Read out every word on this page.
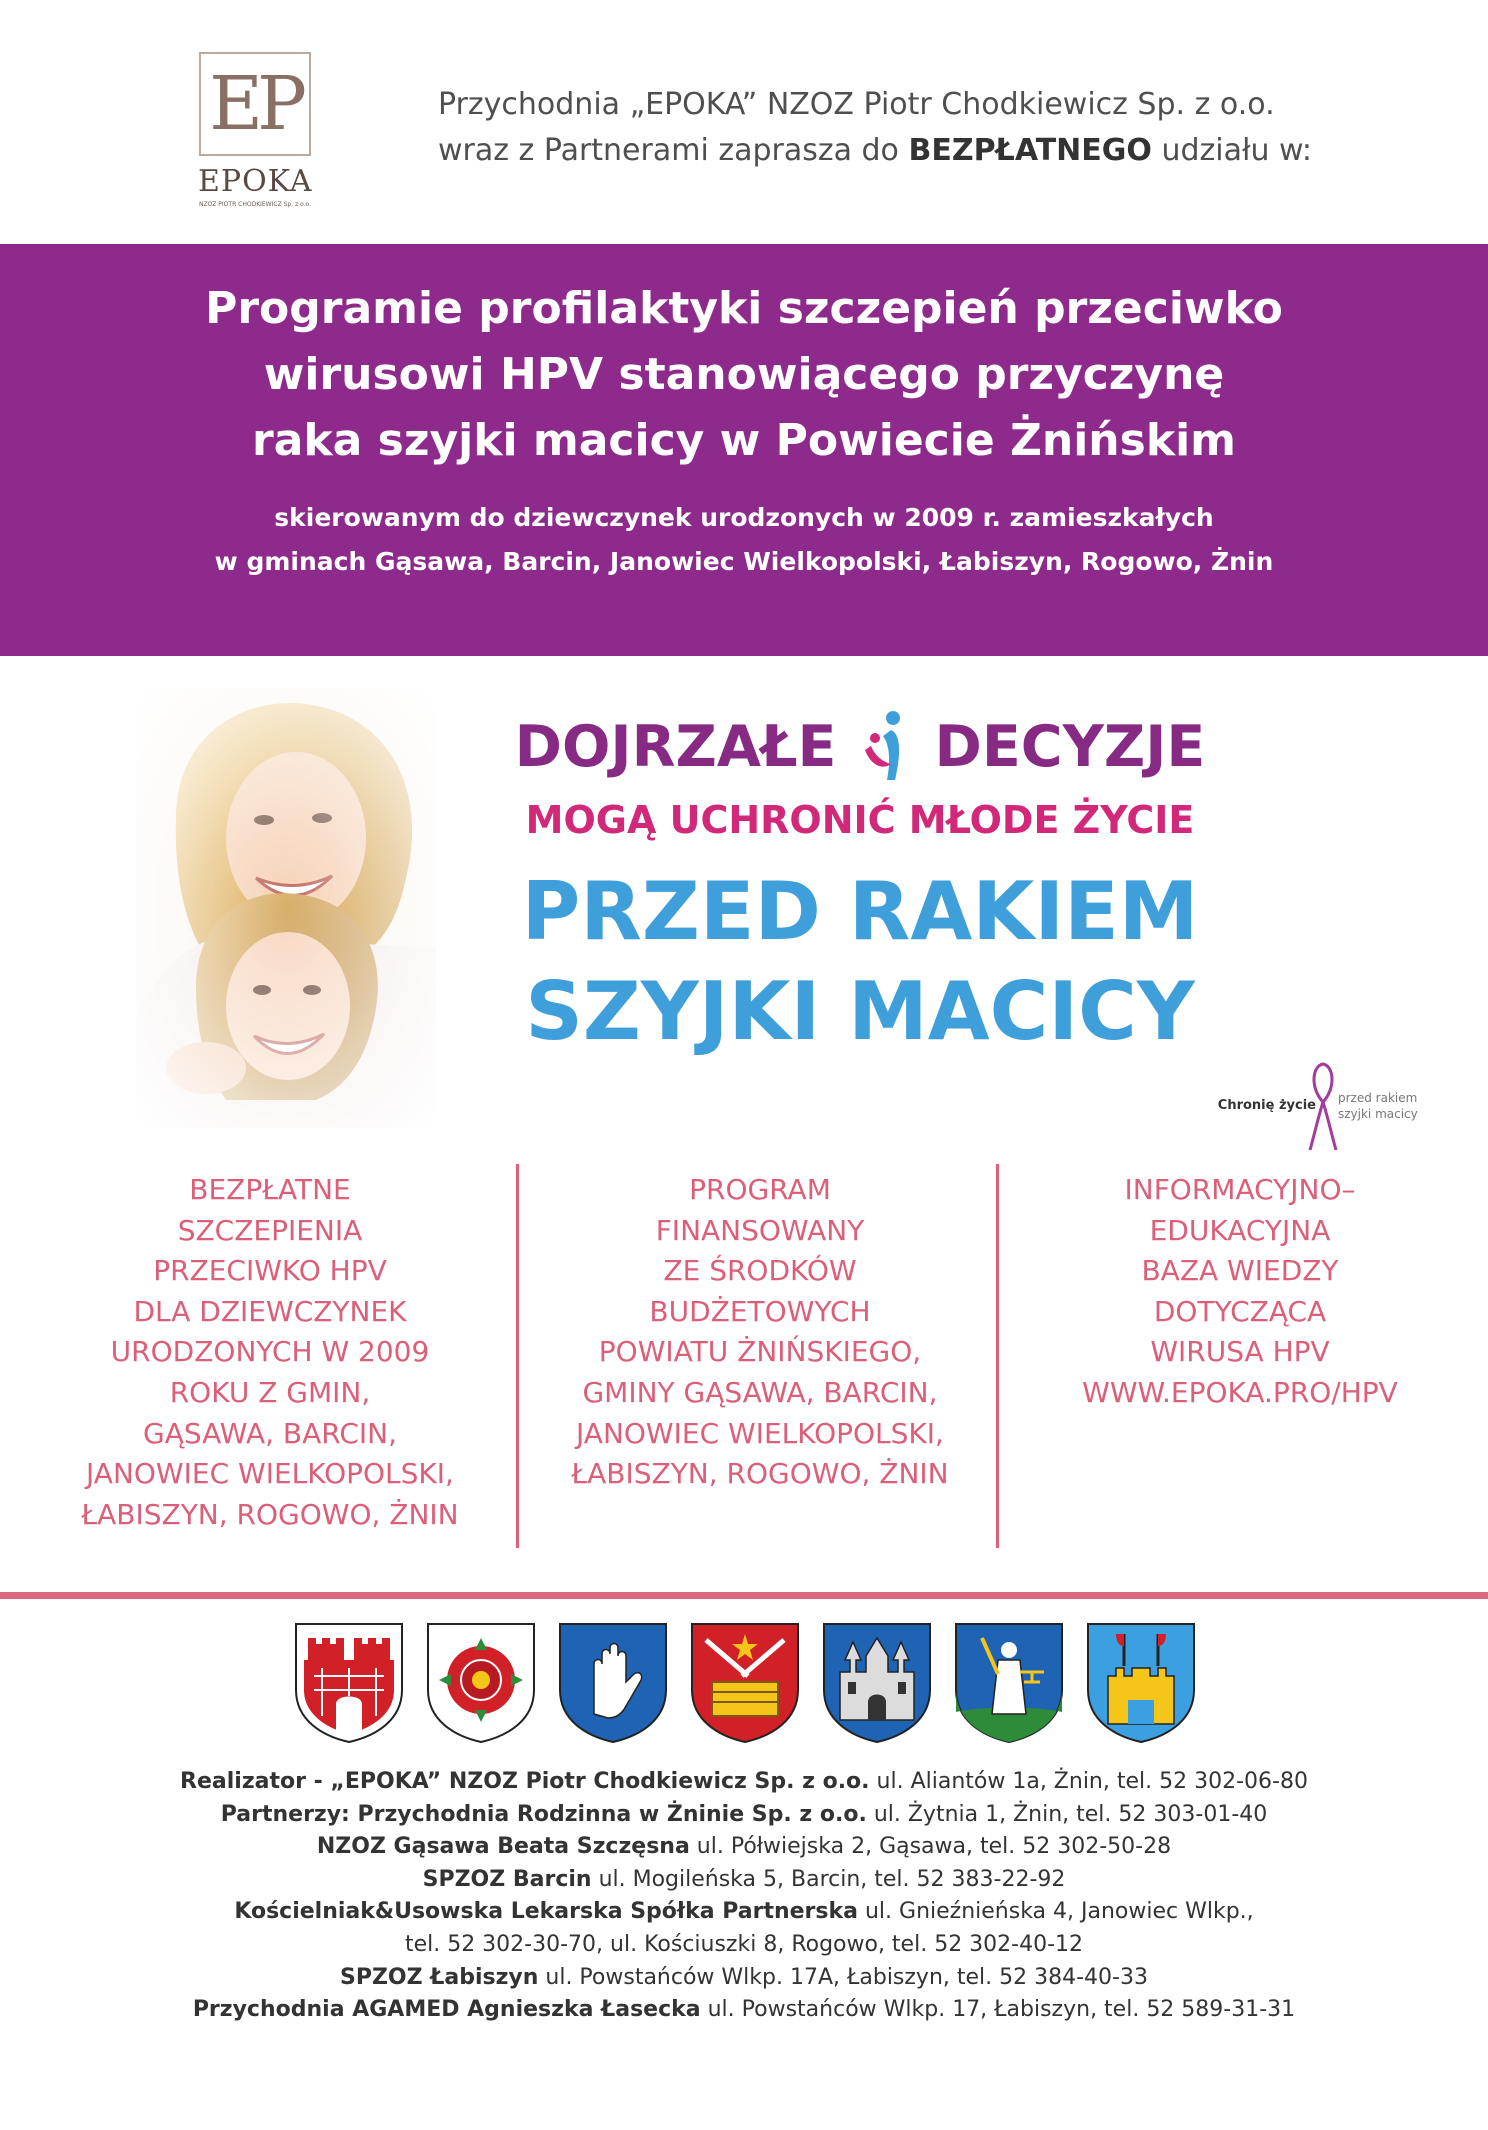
EP
EPOKA
NZOZ PIOTR CHODKIEWICZ Sp. z o.o.
Przychodnia „EPOKA” NZOZ Piotr Chodkiewicz Sp. z o.o.
wraz z Partnerami zaprasza do BEZPŁATNEGO udziału w:
Programie profilaktyki szczepień przeciwko
wirusowi HPV stanowiącego przyczynę
raka szyjki macicy w Powiecie Żnińskim
skierowanym do dziewczynek urodzonych w 2009 r. zamieszkałych
w gminach Gąsawa, Barcin, Janowiec Wielkopolski, Łabiszyn, Rogowo, Żnin
DOJRZAŁE DECYZJE
MOGĄ UCHRONIĆ MŁODE ŻYCIE
PRZED RAKIEM
SZYJKI MACICY
Chronię życie przed rakiem
szyjki macicy
BEZPŁATNE
SZCZEPIENIA
PRZECIWKO HPV
DLA DZIEWCZYNEK
URODZONYCH W 2009
ROKU Z GMIN,
GĄSAWA, BARCIN,
JANOWIEC WIELKOPOLSKI,
ŁABISZYN, ROGOWO, ŻNIN
PROGRAM
FINANSOWANY
ZE ŚRODKÓW
BUDŻETOWYCH
POWIATU ŻNIŃSKIEGO,
GMINY GĄSAWA, BARCIN,
JANOWIEC WIELKOPOLSKI,
ŁABISZYN, ROGOWO, ŻNIN
INFORMACYJNO–
EDUKACYJNA
BAZA WIEDZY
DOTYCZĄCA
WIRUSA HPV
WWW.EPOKA.PRO/HPV

Realizator - „EPOKA” NZOZ Piotr Chodkiewicz Sp. z o.o. ul. Aliantów 1a, Żnin, tel. 52 302-06-80

Partnerzy: Przychodnia Rodzinna w Żninie Sp. z o.o. ul. Żytnia 1, Żnin, tel. 52 303-01-40

NZOZ Gąsawa Beata Szczęsna ul. Półwiejska 2, Gąsawa, tel. 52 302-50-28

SPZOZ Barcin ul. Mogileńska 5, Barcin, tel. 52 383-22-92

Kościelniak&Usowska Lekarska Spółka Partnerska ul. Gnieźnieńska 4, Janowiec Wlkp.,

tel. 52 302-30-70, ul. Kościuszki 8, Rogowo, tel. 52 302-40-12

SPZOZ Łabiszyn ul. Powstańców Wlkp. 17A, Łabiszyn, tel. 52 384-40-33

Przychodnia AGAMED Agnieszka Łasecka ul. Powstańców Wlkp. 17, Łabiszyn, tel. 52 589-31-31
